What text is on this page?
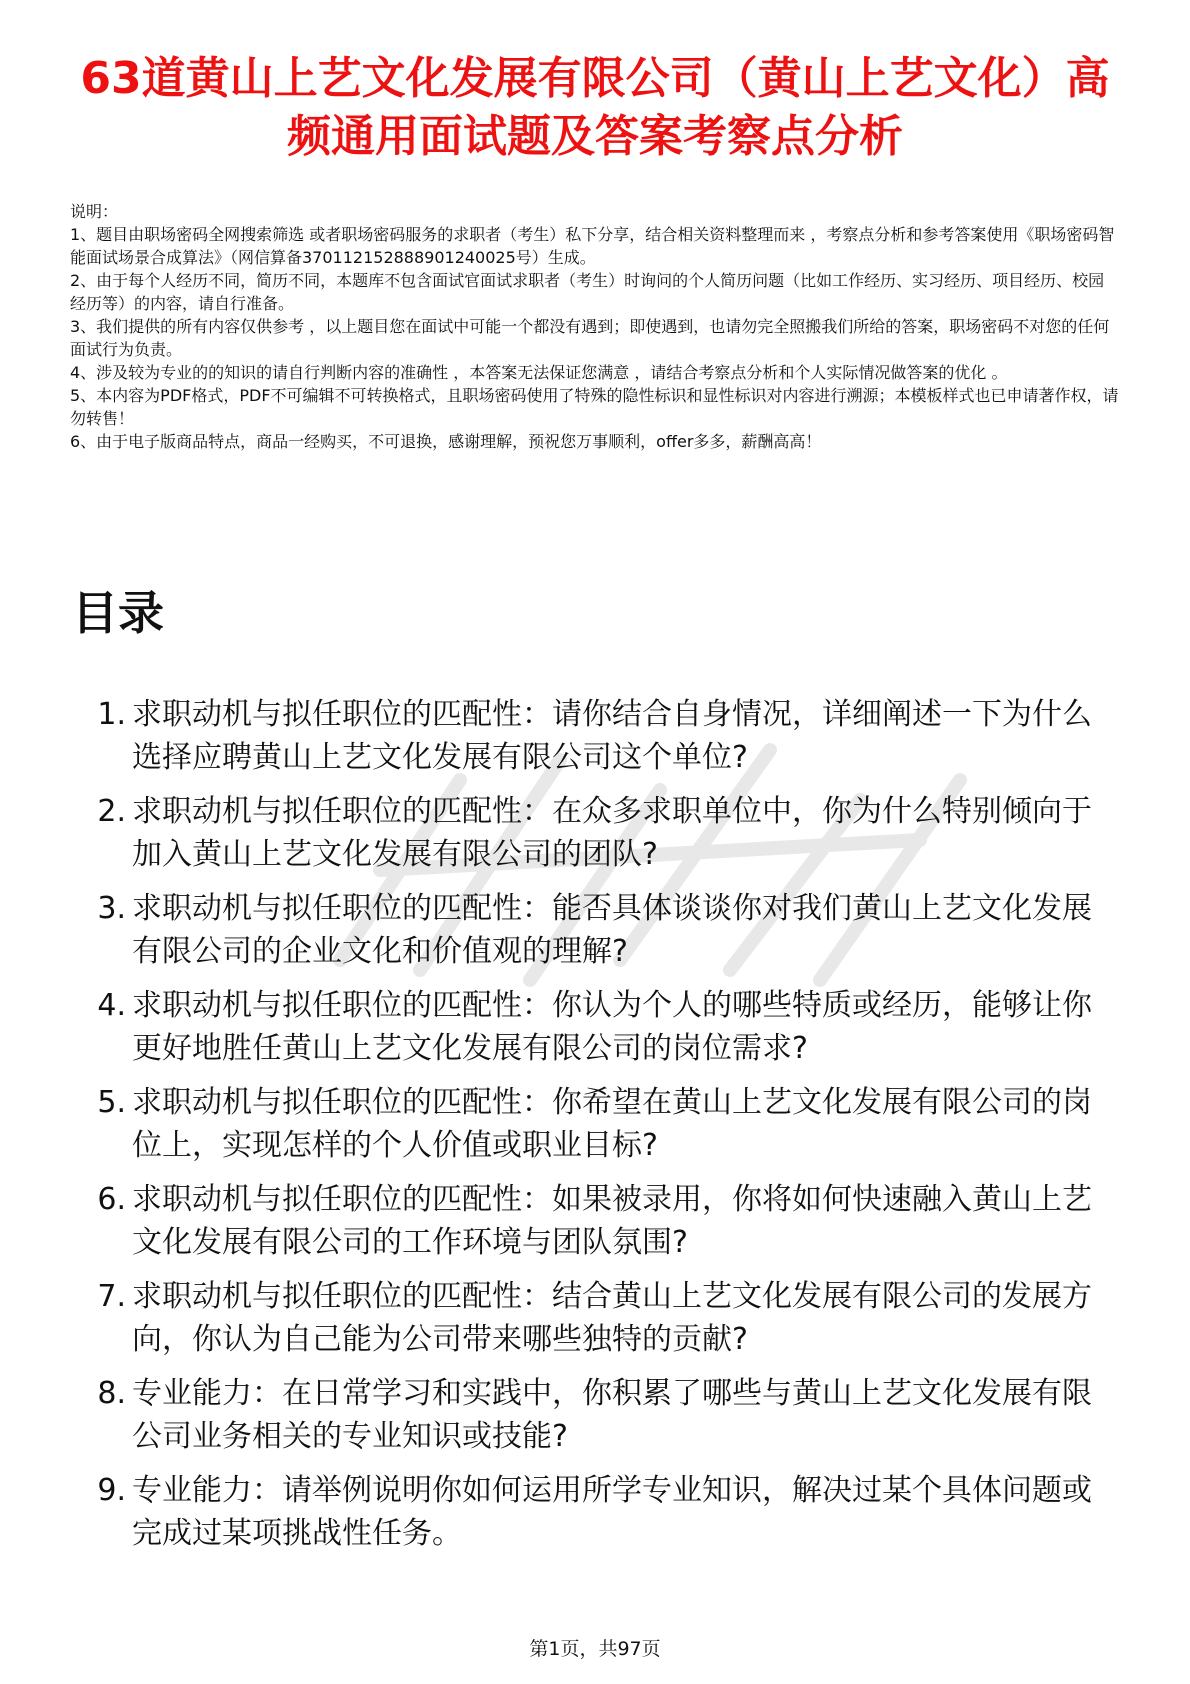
63道黄山上艺文化发展有限公司（黄山上艺文化）高频通用面试题及答案考察点分析

说明：

1、题目由职场密码全网搜索筛选 或者职场密码服务的求职者（考生）私下分享，结合相关资料整理而来 ，考察点分析和参考答案使用《职场密码智能面试场景合成算法》（网信算备370112152888901240025号）生成。

2、由于每个人经历不同，简历不同，本题库不包含面试官面试求职者（考生）时询问的个人简历问题（比如工作经历、实习经历、项目经历、校园经历等）的内容，请自行准备。

3、我们提供的所有内容仅供参考 ，以上题目您在面试中可能一个都没有遇到；即使遇到，也请勿完全照搬我们所给的答案，职场密码不对您的任何面试行为负责。

4、涉及较为专业的的知识的请自行判断内容的准确性 ，本答案无法保证您满意 ，请结合考察点分析和个人实际情况做答案的优化 。

5、本内容为PDF格式，PDF不可编辑不可转换格式，且职场密码使用了特殊的隐性标识和显性标识对内容进行溯源；本模板样式也已申请著作权，请勿转售！

6、由于电子版商品特点，商品一经购买，不可退换，感谢理解，预祝您万事顺利，offer多多，薪酬高高！

目录
1. 求职动机与拟任职位的匹配性：请你结合自身情况，详细阐述一下为什么选择应聘黄山上艺文化发展有限公司这个单位?
2. 求职动机与拟任职位的匹配性：在众多求职单位中，你为什么特别倾向于加入黄山上艺文化发展有限公司的团队?
3. 求职动机与拟任职位的匹配性：能否具体谈谈你对我们黄山上艺文化发展有限公司的企业文化和价值观的理解?
4. 求职动机与拟任职位的匹配性：你认为个人的哪些特质或经历，能够让你更好地胜任黄山上艺文化发展有限公司的岗位需求?
5. 求职动机与拟任职位的匹配性：你希望在黄山上艺文化发展有限公司的岗位上，实现怎样的个人价值或职业目标?
6. 求职动机与拟任职位的匹配性：如果被录用，你将如何快速融入黄山上艺文化发展有限公司的工作环境与团队氛围?
7. 求职动机与拟任职位的匹配性：结合黄山上艺文化发展有限公司的发展方向，你认为自己能为公司带来哪些独特的贡献?
8. 专业能力：在日常学习和实践中，你积累了哪些与黄山上艺文化发展有限公司业务相关的专业知识或技能?
9. 专业能力：请举例说明你如何运用所学专业知识，解决过某个具体问题或完成过某项挑战性任务。
第1页，共97页
